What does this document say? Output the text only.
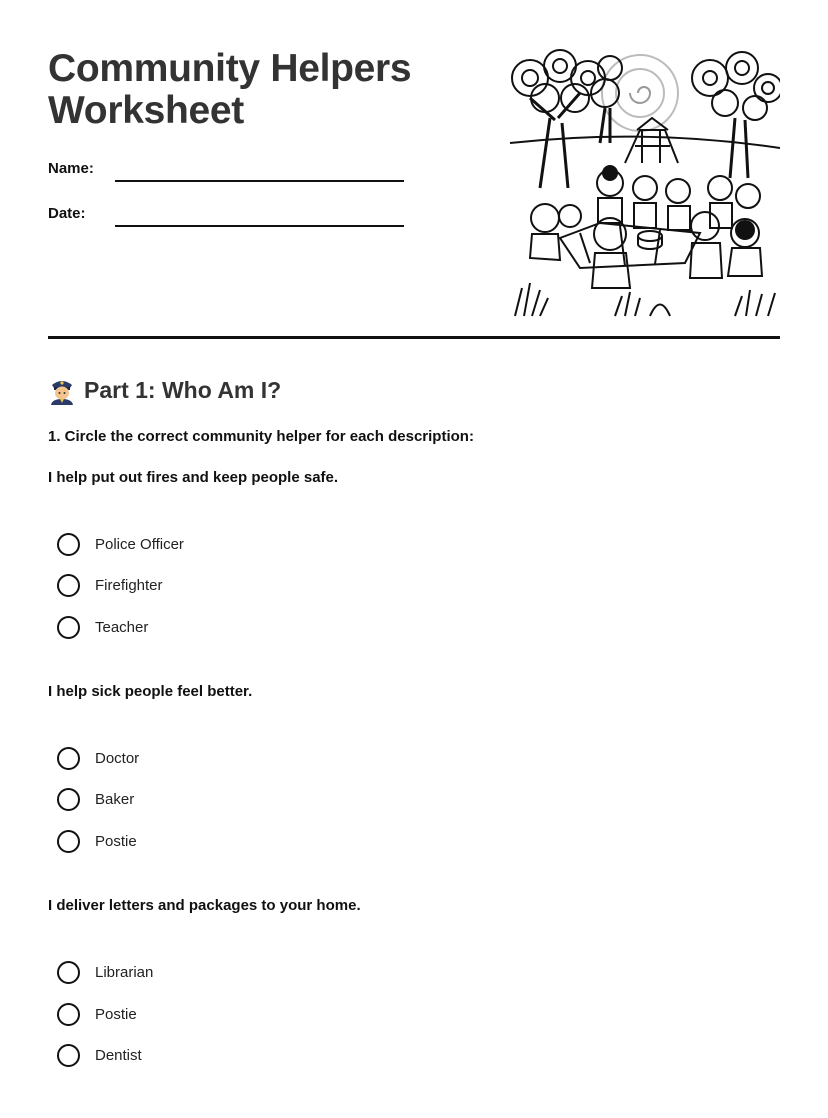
Community Helpers
Worksheet
Name:
Date:
Part 1: Who Am I?
1. Circle the correct community helper for each description:
I help put out fires and keep people safe.
Police Officer
Firefighter
Teacher
I help sick people feel better.
Doctor
Baker
Postie
I deliver letters and packages to your home.
Librarian
Postie
Dentist
